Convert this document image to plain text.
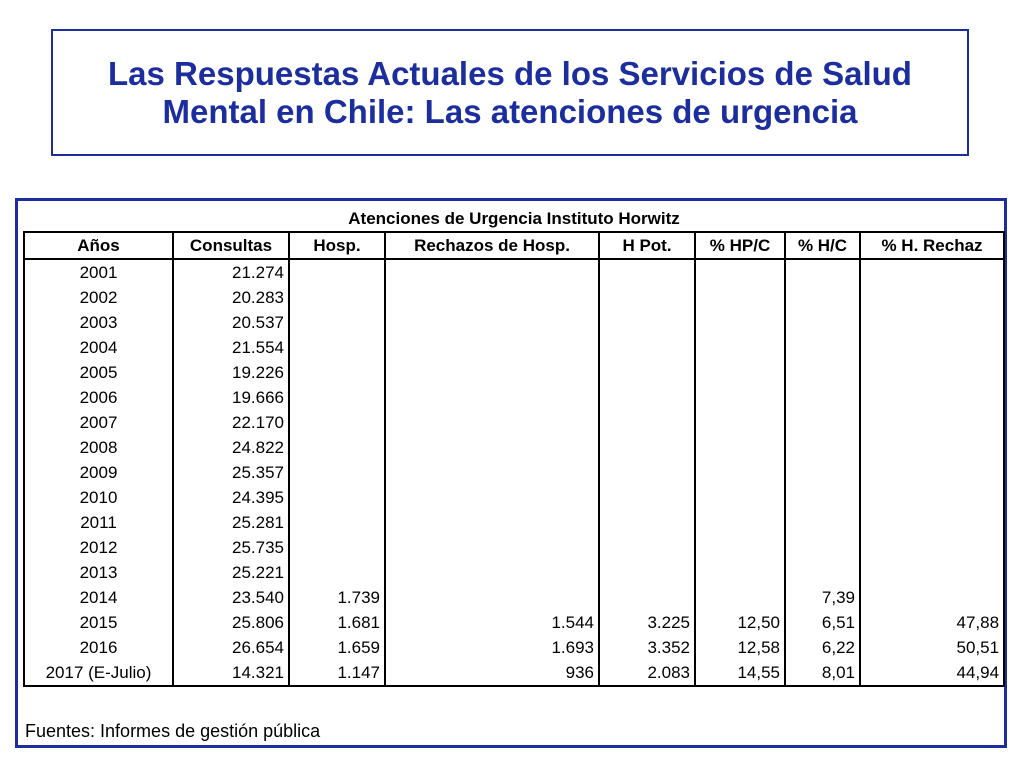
Las Respuestas Actuales de los Servicios de Salud
Mental en Chile: Las atenciones de urgencia
Atenciones de Urgencia Instituto Horwitz							
Años	Consultas	Hosp.	Rechazos de Hosp.	H Pot.	% HP/C	% H/C	% H. Rechaz
2001	21.274						
2002	20.283						
2003	20.537						
2004	21.554						
2005	19.226						
2006	19.666						
2007	22.170						
2008	24.822						
2009	25.357						
2010	24.395						
2011	25.281						
2012	25.735						
2013	25.221						
2014	23.540	1.739				7,39	
2015	25.806	1.681	1.544	3.225	12,50	6,51	47,88
2016	26.654	1.659	1.693	3.352	12,58	6,22	50,51
2017 (E-Julio)	14.321	1.147	936	2.083	14,55	8,01	44,94
Fuentes: Informes de gestión pública
